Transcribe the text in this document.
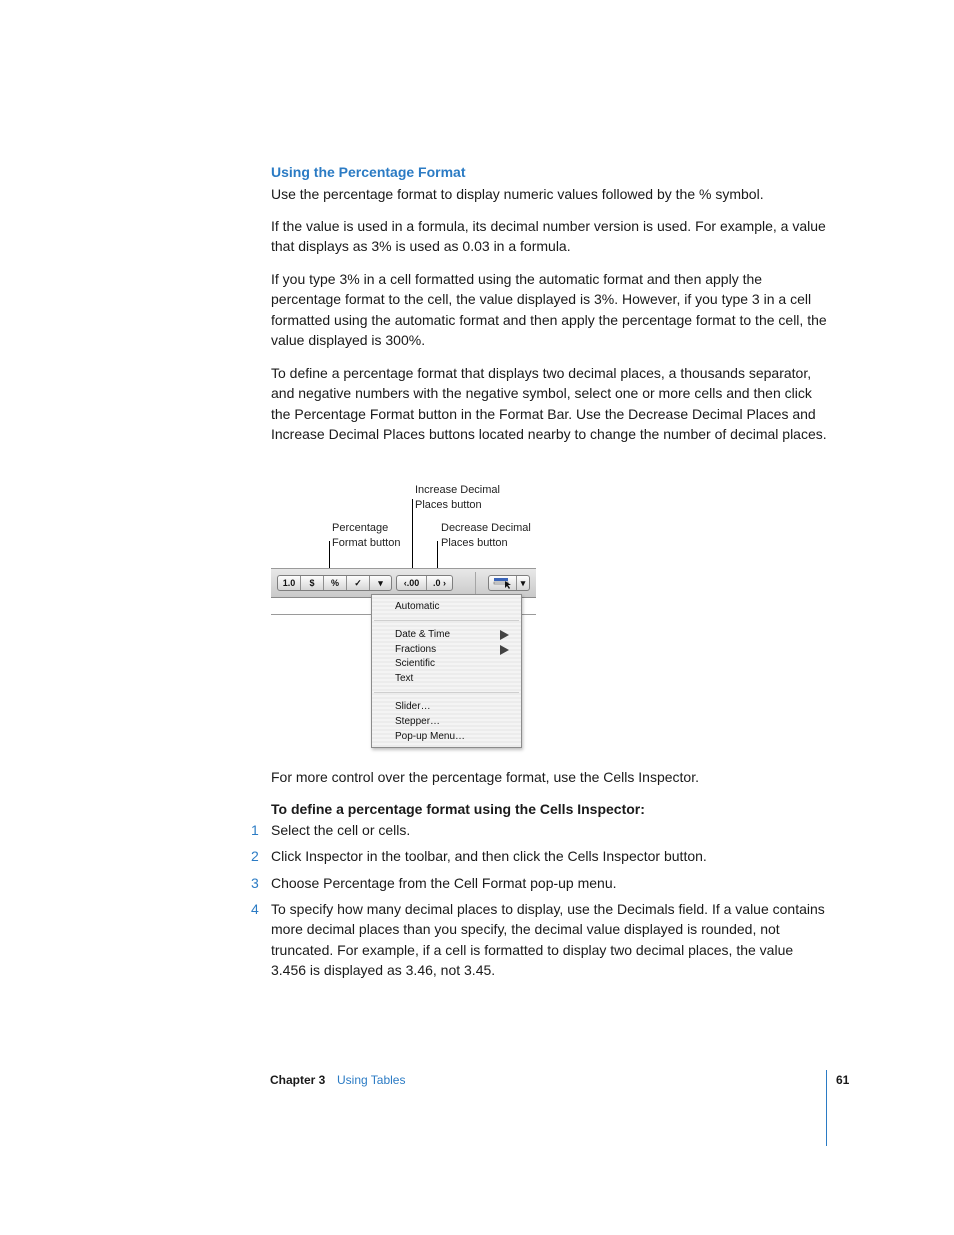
Using the Percentage Format

Use the percentage format to display numeric values followed by the % symbol.

If the value is used in a formula, its decimal number version is used. For example, a value that displays as 3% is used as 0.03 in a formula.

If you type 3% in a cell formatted using the automatic format and then apply the percentage format to the cell, the value displayed is 3%. However, if you type 3 in a cell formatted using the automatic format and then apply the percentage format to the cell, the value displayed is 300%.

To define a percentage format that displays two decimal places, a thousands separator, and negative numbers with the negative symbol, select one or more cells and then click the Percentage Format button in the Format Bar. Use the Decrease Decimal Places and Increase Decimal Places buttons located nearby to change the number of decimal places.

Increase Decimal
Places button
Percentage
Format button
Decrease Decimal
Places button
1.0	$	%	✓	▾	‹.00	.0 ›	▾
Automatic
Date & Time
Fractions
Scientific
Text
Slider…
Stepper…
Pop-up Menu…

For more control over the percentage format, use the Cells Inspector.

To define a percentage format using the Cells Inspector:
1 Select the cell or cells.
2 Click Inspector in the toolbar, and then click the Cells Inspector button.
3 Choose Percentage from the Cell Format pop-up menu.
4 To specify how many decimal places to display, use the Decimals field. If a value contains more decimal places than you specify, the decimal value displayed is rounded, not truncated. For example, if a cell is formatted to display two decimal places, the value 3.456 is displayed as 3.46, not 3.45.
Chapter 3 Using Tables	61
